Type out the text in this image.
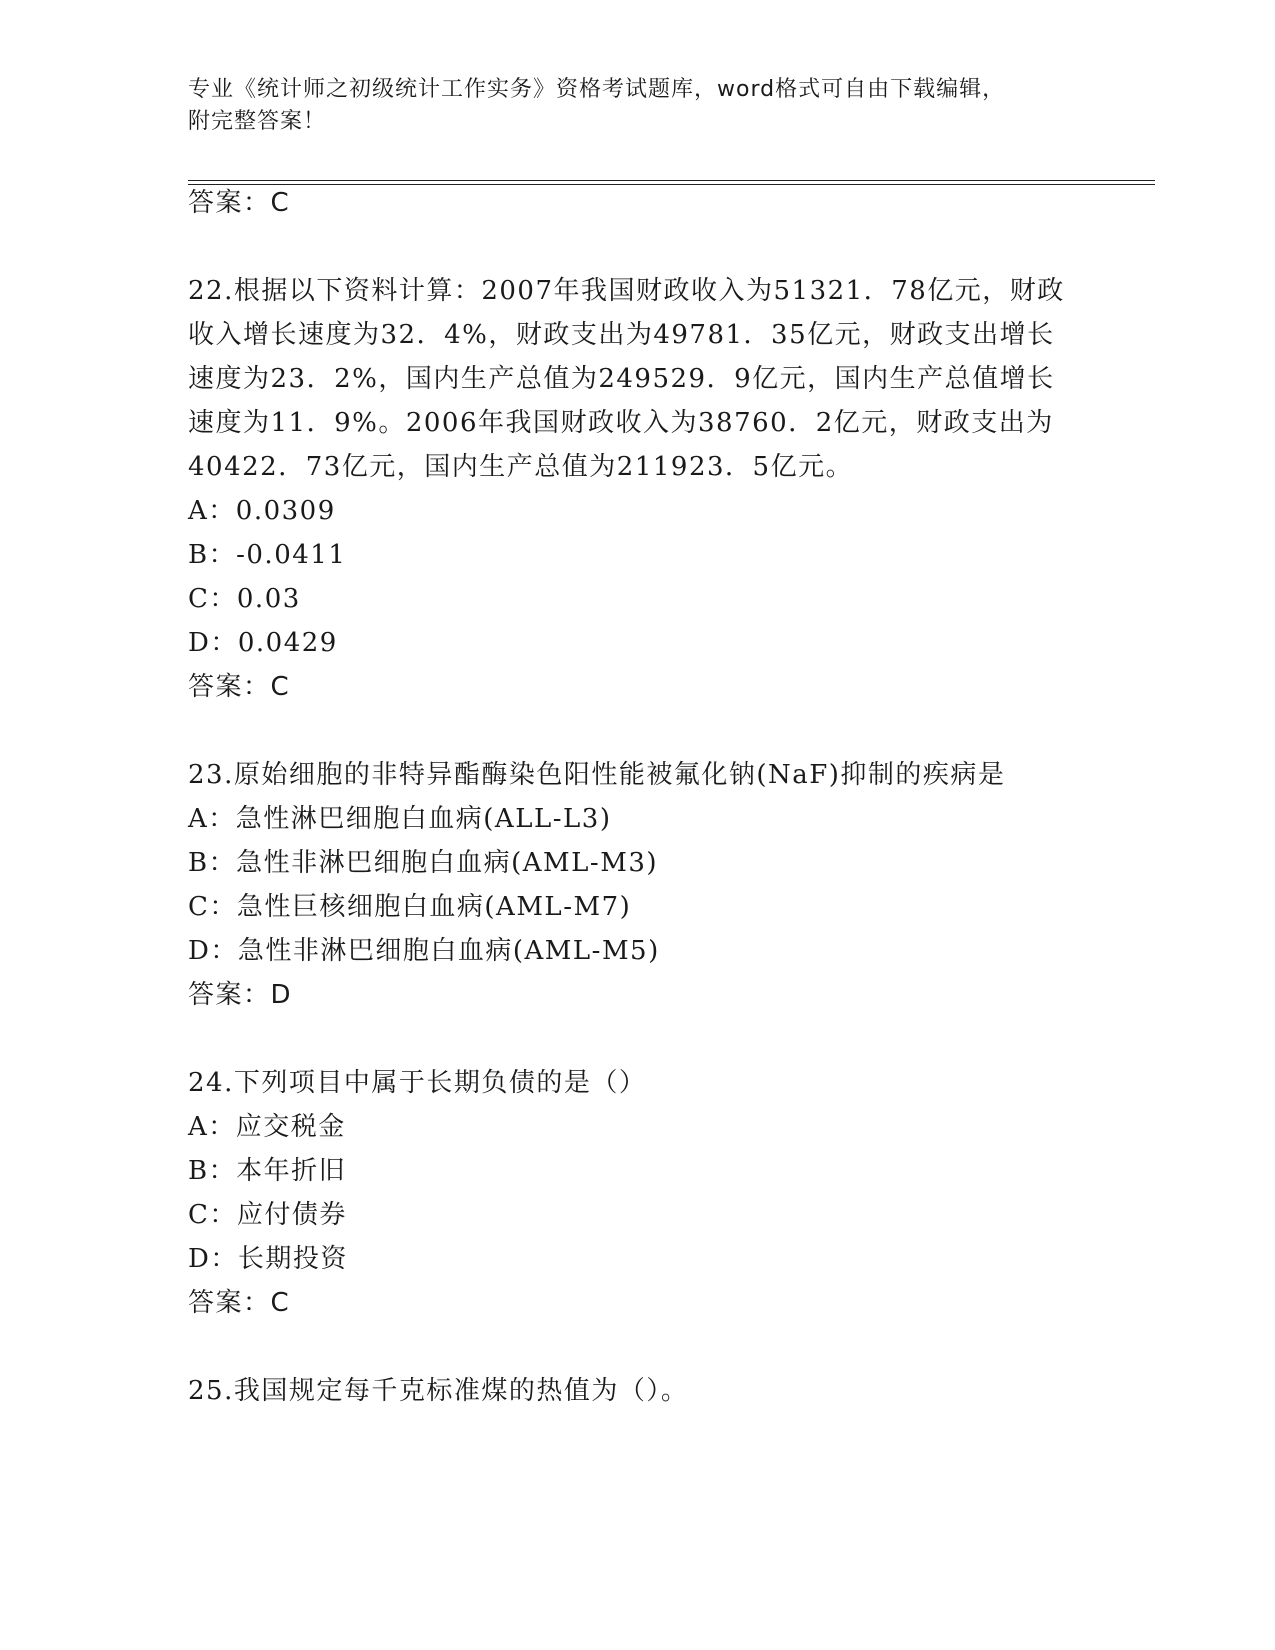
专业《统计师之初级统计工作实务》资格考试题库，word格式可自由下载编辑，
附完整答案！
答案：C
22.根据以下资料计算：2007年我国财政收入为51321．78亿元，财政
收入增长速度为32．4%，财政支出为49781．35亿元，财政支出增长
速度为23．2%，国内生产总值为249529．9亿元，国内生产总值增长
速度为11．9%。2006年我国财政收入为38760．2亿元，财政支出为
40422．73亿元，国内生产总值为211923．5亿元。
A：0.0309
B：-0.0411
C：0.03
D：0.0429
答案：C
23.原始细胞的非特异酯酶染色阳性能被氟化钠(NaF)抑制的疾病是
A：急性淋巴细胞白血病(ALL-L3)
B：急性非淋巴细胞白血病(AML-M3)
C：急性巨核细胞白血病(AML-M7)
D：急性非淋巴细胞白血病(AML-M5)
答案：D
24.下列项目中属于长期负债的是（）
A：应交税金
B：本年折旧
C：应付债券
D：长期投资
答案：C
25.我国规定每千克标准煤的热值为（）。
